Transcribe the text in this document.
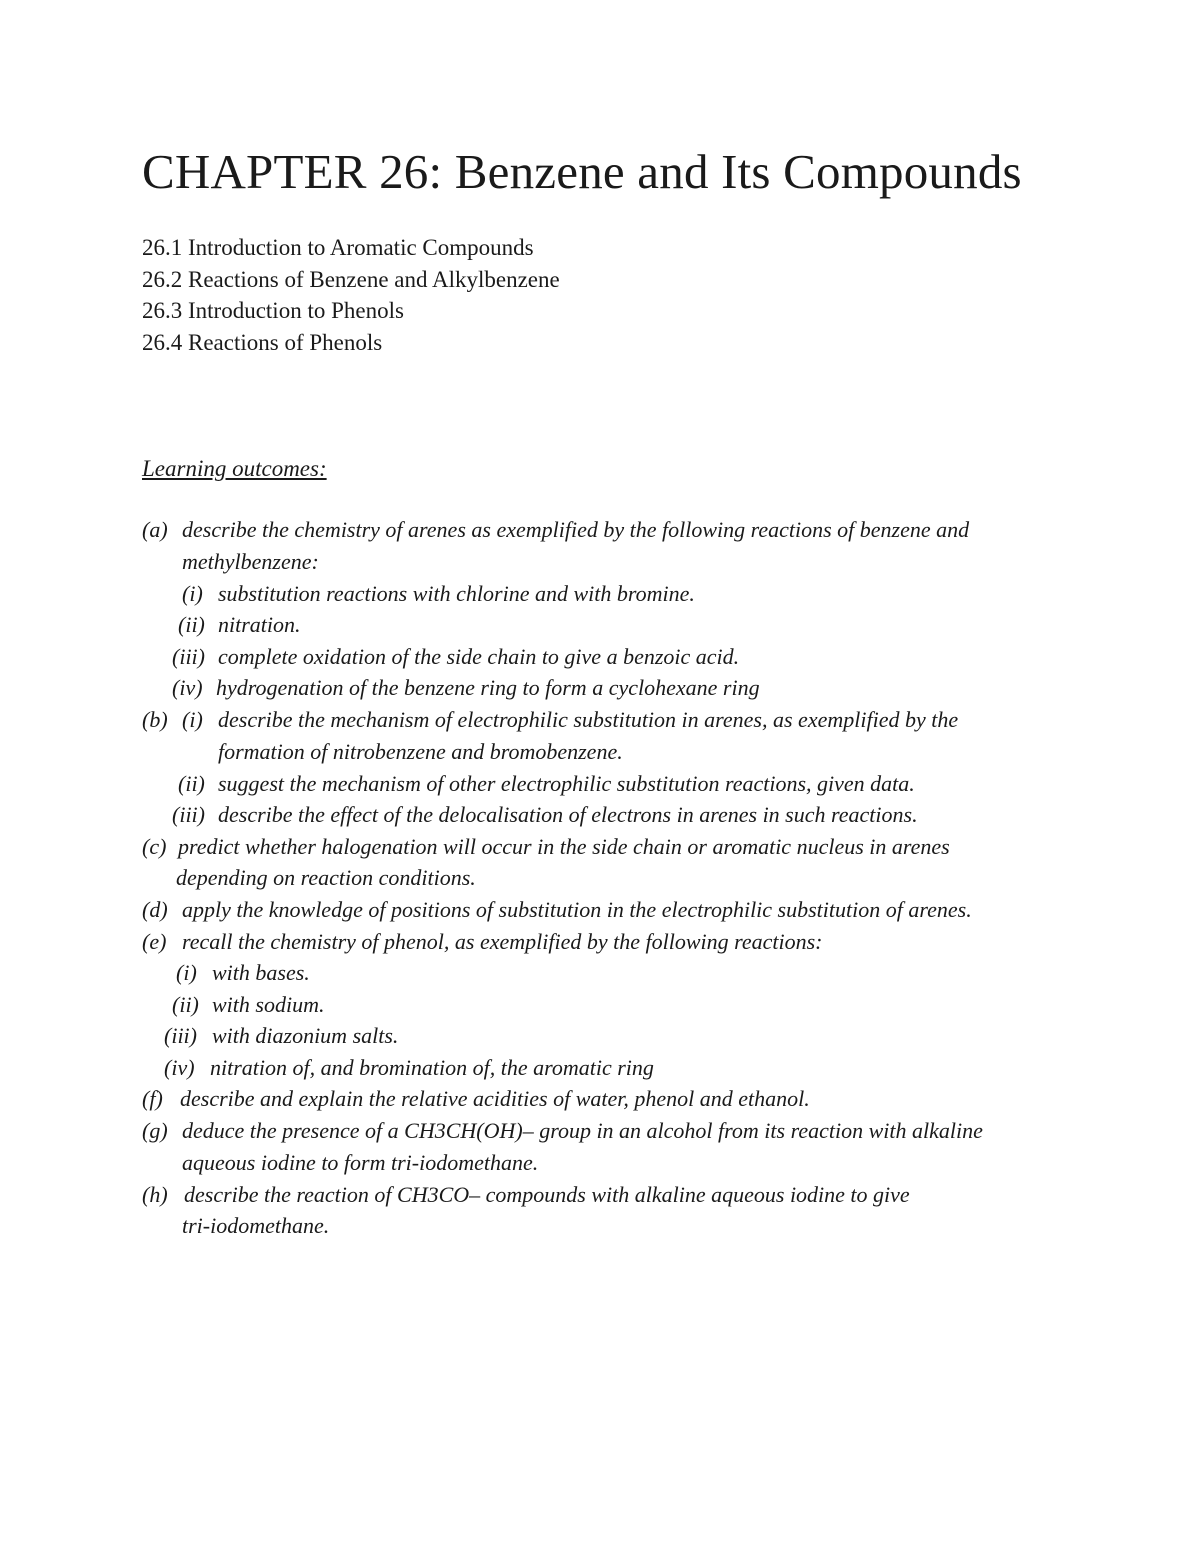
CHAPTER 26: Benzene and Its Compounds
26.1 Introduction to Aromatic Compounds
26.2 Reactions of Benzene and Alkylbenzene
26.3 Introduction to Phenols
26.4 Reactions of Phenols
Learning outcomes:
(a) describe the chemistry of arenes as exemplified by the following reactions of benzene and
methylbenzene:
(i) substitution reactions with chlorine and with bromine.
(ii) nitration.
(iii) complete oxidation of the side chain to give a benzoic acid.
(iv) hydrogenation of the benzene ring to form a cyclohexane ring
(b) (i) describe the mechanism of electrophilic substitution in arenes, as exemplified by the
formation of nitrobenzene and bromobenzene.
(ii) suggest the mechanism of other electrophilic substitution reactions, given data.
(iii) describe the effect of the delocalisation of electrons in arenes in such reactions.
(c) predict whether halogenation will occur in the side chain or aromatic nucleus in arenes
depending on reaction conditions.
(d) apply the knowledge of positions of substitution in the electrophilic substitution of arenes.
(e) recall the chemistry of phenol, as exemplified by the following reactions:
(i) with bases.
(ii) with sodium.
(iii) with diazonium salts.
(iv) nitration of, and bromination of, the aromatic ring
(f) describe and explain the relative acidities of water, phenol and ethanol.
(g) deduce the presence of a CH3CH(OH)– group in an alcohol from its reaction with alkaline
aqueous iodine to form tri-iodomethane.
(h) describe the reaction of CH3CO– compounds with alkaline aqueous iodine to give
tri-iodomethane.
